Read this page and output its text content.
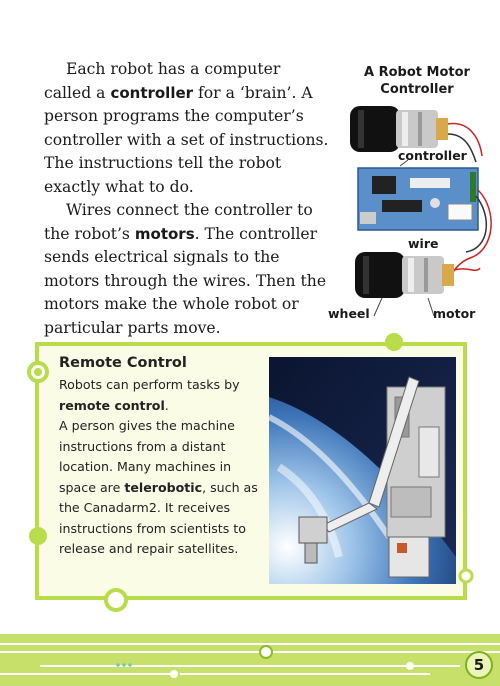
Each robot has a computer called a controller for a ‘brain’. A person programs the computer’s controller with a set of instructions. The instructions tell the robot exactly what to do.

Wires connect the controller to the robot’s motors. The controller sends electrical signals to the motors through the wires. Then the motors make the whole robot or particular parts move.

A Robot Motor Controller
controller
wire
wheel	motor
Remote Control

Robots can perform tasks by remote control.

A person gives the machine instructions from a distant location. Many machines in space are telerobotic, such as the Canadarm2. It receives instructions from scientists to release and repair satellites.

5
